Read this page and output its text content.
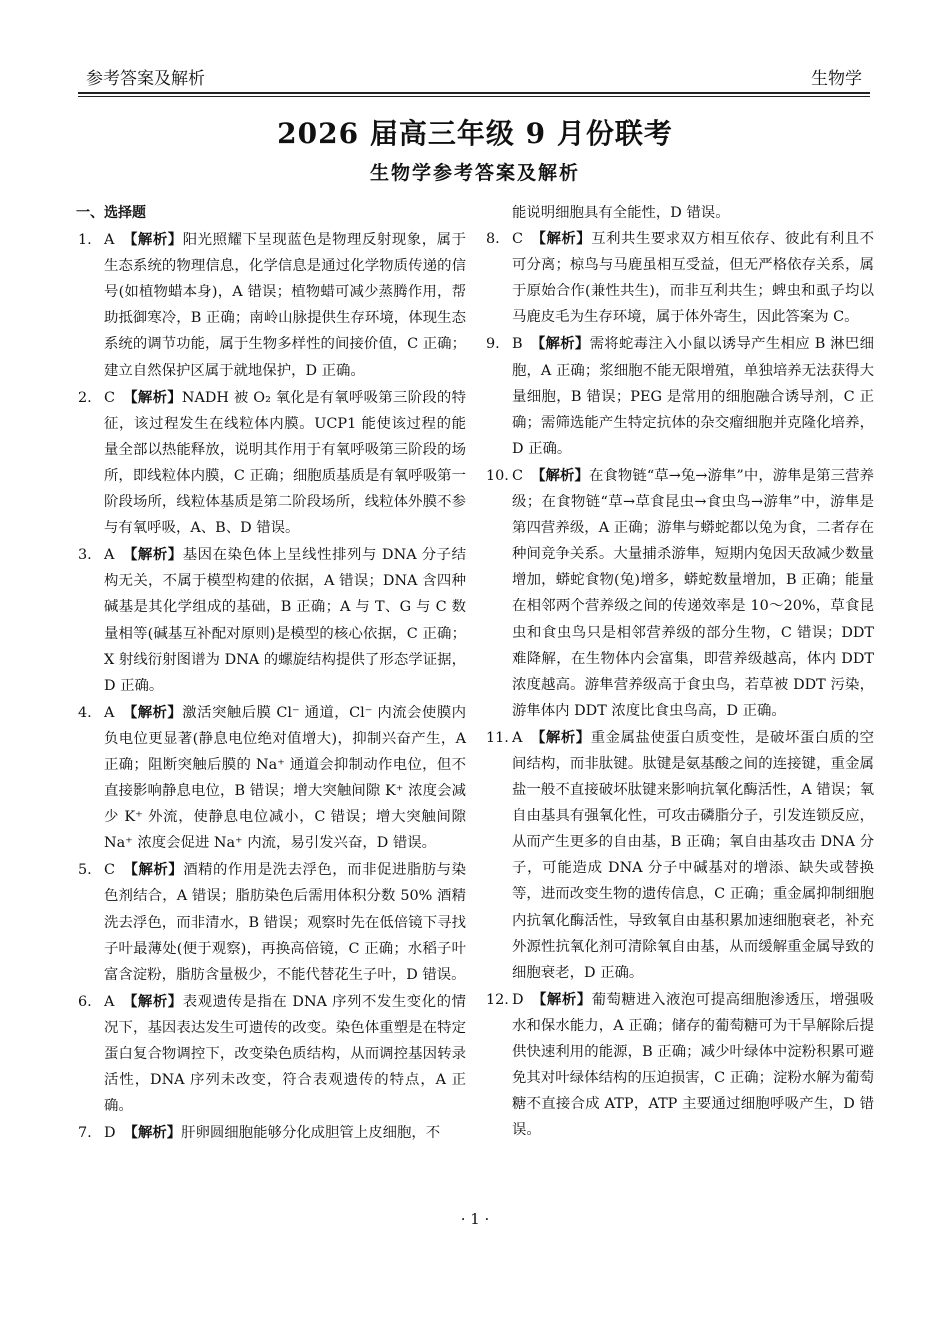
参考答案及解析	生物学
2026 届高三年级 9 月份联考
生物学参考答案及解析
一、选择题
1. A 【解析】阳光照耀下呈现蓝色是物理反射现象，属于生态系统的物理信息，化学信息是通过化学物质传递的信号(如植物蜡本身)，A 错误；植物蜡可减少蒸腾作用，帮助抵御寒冷，B 正确；南岭山脉提供生存环境，体现生态系统的调节功能，属于生物多样性的间接价值，C 正确；建立自然保护区属于就地保护，D 正确。
2. C 【解析】NADH 被 O₂ 氧化是有氧呼吸第三阶段的特征，该过程发生在线粒体内膜。UCP1 能使该过程的能量全部以热能释放，说明其作用于有氧呼吸第三阶段的场所，即线粒体内膜，C 正确；细胞质基质是有氧呼吸第一阶段场所，线粒体基质是第二阶段场所，线粒体外膜不参与有氧呼吸，A、B、D 错误。
3. A 【解析】基因在染色体上呈线性排列与 DNA 分子结构无关，不属于模型构建的依据，A 错误；DNA 含四种碱基是其化学组成的基础，B 正确；A 与 T、G 与 C 数量相等(碱基互补配对原则)是模型的核心依据，C 正确；X 射线衍射图谱为 DNA 的螺旋结构提供了形态学证据，D 正确。
4. A 【解析】激活突触后膜 Cl⁻ 通道，Cl⁻ 内流会使膜内负电位更显著(静息电位绝对值增大)，抑制兴奋产生，A 正确；阻断突触后膜的 Na⁺ 通道会抑制动作电位，但不直接影响静息电位，B 错误；增大突触间隙 K⁺ 浓度会减少 K⁺ 外流，使静息电位减小，C 错误；增大突触间隙 Na⁺ 浓度会促进 Na⁺ 内流，易引发兴奋，D 错误。
5. C 【解析】酒精的作用是洗去浮色，而非促进脂肪与染色剂结合，A 错误；脂肪染色后需用体积分数 50% 酒精洗去浮色，而非清水，B 错误；观察时先在低倍镜下寻找子叶最薄处(便于观察)，再换高倍镜，C 正确；水稻子叶富含淀粉，脂肪含量极少，不能代替花生子叶，D 错误。
6. A 【解析】表观遗传是指在 DNA 序列不发生变化的情况下，基因表达发生可遗传的改变。染色体重塑是在特定蛋白复合物调控下，改变染色质结构，从而调控基因转录活性，DNA 序列未改变，符合表观遗传的特点，A 正确。
7. D 【解析】肝卵圆细胞能够分化成胆管上皮细胞，不
能说明细胞具有全能性，D 错误。
8. C 【解析】互利共生要求双方相互依存、彼此有利且不可分离；椋鸟与马鹿虽相互受益，但无严格依存关系，属于原始合作(兼性共生)，而非互利共生；蜱虫和虱子均以马鹿皮毛为生存环境，属于体外寄生，因此答案为 C。
9. B 【解析】需将蛇毒注入小鼠以诱导产生相应 B 淋巴细胞，A 正确；浆细胞不能无限增殖，单独培养无法获得大量细胞，B 错误；PEG 是常用的细胞融合诱导剂，C 正确；需筛选能产生特定抗体的杂交瘤细胞并克隆化培养，D 正确。
10. C 【解析】在食物链“草→兔→游隼”中，游隼是第三营养级；在食物链“草→草食昆虫→食虫鸟→游隼”中，游隼是第四营养级，A 正确；游隼与蟒蛇都以兔为食，二者存在种间竞争关系。大量捕杀游隼，短期内兔因天敌减少数量增加，蟒蛇食物(兔)增多，蟒蛇数量增加，B 正确；能量在相邻两个营养级之间的传递效率是 10～20%，草食昆虫和食虫鸟只是相邻营养级的部分生物，C 错误；DDT 难降解，在生物体内会富集，即营养级越高，体内 DDT 浓度越高。游隼营养级高于食虫鸟，若草被 DDT 污染，游隼体内 DDT 浓度比食虫鸟高，D 正确。
11. A 【解析】重金属盐使蛋白质变性，是破坏蛋白质的空间结构，而非肽键。肽键是氨基酸之间的连接键，重金属盐一般不直接破坏肽键来影响抗氧化酶活性，A 错误；氧自由基具有强氧化性，可攻击磷脂分子，引发连锁反应，从而产生更多的自由基，B 正确；氧自由基攻击 DNA 分子，可能造成 DNA 分子中碱基对的增添、缺失或替换等，进而改变生物的遗传信息，C 正确；重金属抑制细胞内抗氧化酶活性，导致氧自由基积累加速细胞衰老，补充外源性抗氧化剂可清除氧自由基，从而缓解重金属导致的细胞衰老，D 正确。
12. D 【解析】葡萄糖进入液泡可提高细胞渗透压，增强吸水和保水能力，A 正确；储存的葡萄糖可为干旱解除后提供快速利用的能源，B 正确；减少叶绿体中淀粉积累可避免其对叶绿体结构的压迫损害，C 正确；淀粉水解为葡萄糖不直接合成 ATP，ATP 主要通过细胞呼吸产生，D 错误。
· 1 ·
